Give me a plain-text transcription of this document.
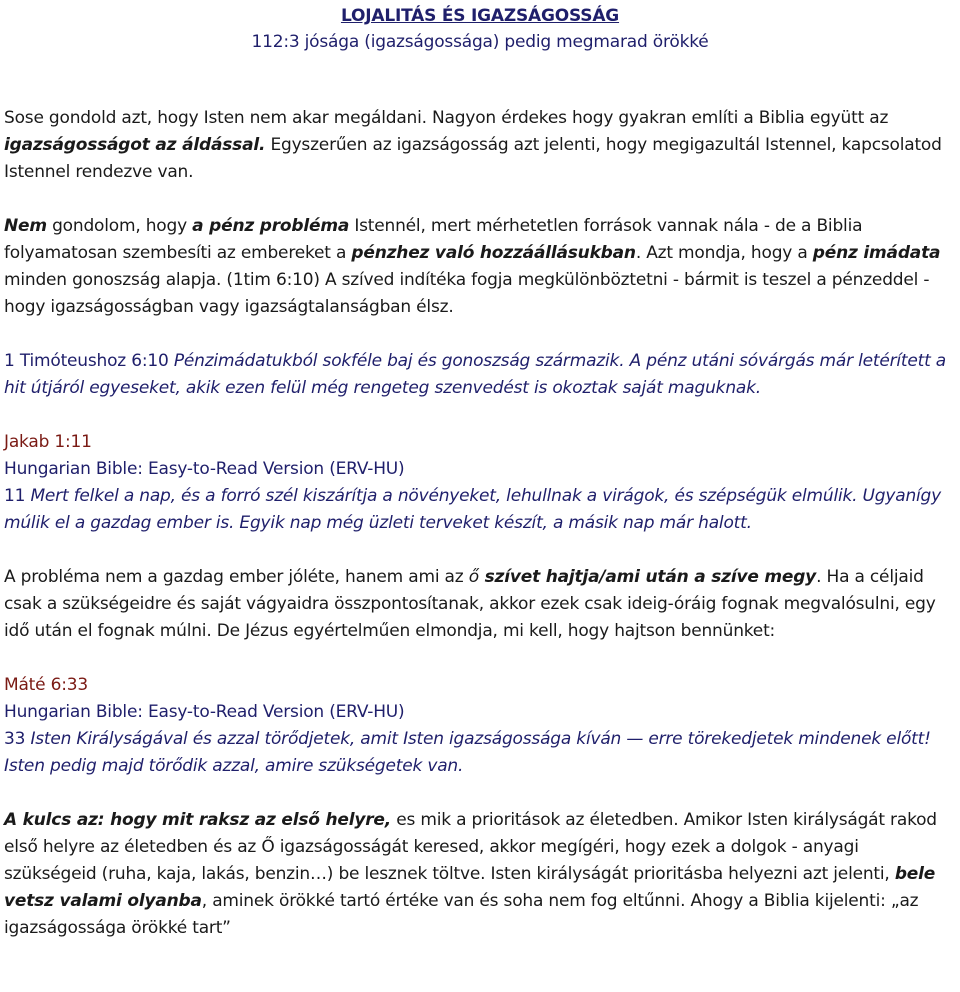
LOJALITÁS ÉS IGAZSÁGOSSÁG

112:3 jósága (igazságossága) pedig megmarad örökké

Sose gondold azt, hogy Isten nem akar megáldani. Nagyon érdekes hogy gyakran említi a Biblia együtt az igazságosságot az áldással. Egyszerűen az igazságosság azt jelenti, hogy megigazultál Istennel, kapcsolatod Istennel rendezve van.

Nem gondolom, hogy a pénz probléma Istennél, mert mérhetetlen források vannak nála - de a Biblia folyamatosan szembesíti az embereket a pénzhez való hozzáállásukban. Azt mondja, hogy a pénz imádata minden gonoszság alapja. (1tim 6:10) A szíved indítéka fogja megkülönböztetni - bármit is teszel a pénzeddel - hogy igazságosságban vagy igazságtalanságban élsz.

1 Timóteushoz 6:10 Pénzimádatukból sokféle baj és gonoszság származik. A pénz utáni sóvárgás már letérített a hit útjáról egyeseket, akik ezen felül még rengeteg szenvedést is okoztak saját maguknak.

Jakab 1:11

Hungarian Bible: Easy-to-Read Version (ERV-HU)

11 Mert felkel a nap, és a forró szél kiszárítja a növényeket, lehullnak a virágok, és szépségük elmúlik. Ugyanígy múlik el a gazdag ember is. Egyik nap még üzleti terveket készít, a másik nap már halott.

A probléma nem a gazdag ember jóléte, hanem ami az ő szívet hajtja/ami után a szíve megy. Ha a céljaid csak a szükségeidre és saját vágyaidra összpontosítanak, akkor ezek csak ideig-óráig fognak megvalósulni, egy idő után el fognak múlni. De Jézus egyértelműen elmondja, mi kell, hogy hajtson bennünket:

Máté 6:33

Hungarian Bible: Easy-to-Read Version (ERV-HU)

33 Isten Királyságával és azzal törődjetek, amit Isten igazságossága kíván — erre törekedjetek mindenek előtt! Isten pedig majd törődik azzal, amire szükségetek van.

A kulcs az: hogy mit raksz az első helyre, es mik a prioritások az életedben. Amikor Isten királyságát rakod első helyre az életedben és az Ő igazságosságát keresed, akkor megígéri, hogy ezek a dolgok - anyagi szükségeid (ruha, kaja, lakás, benzin…) be lesznek töltve. Isten királyságát prioritásba helyezni azt jelenti, bele vetsz valami olyanba, aminek örökké tartó értéke van és soha nem fog eltűnni. Ahogy a Biblia kijelenti: „az igazságossága örökké tart”
